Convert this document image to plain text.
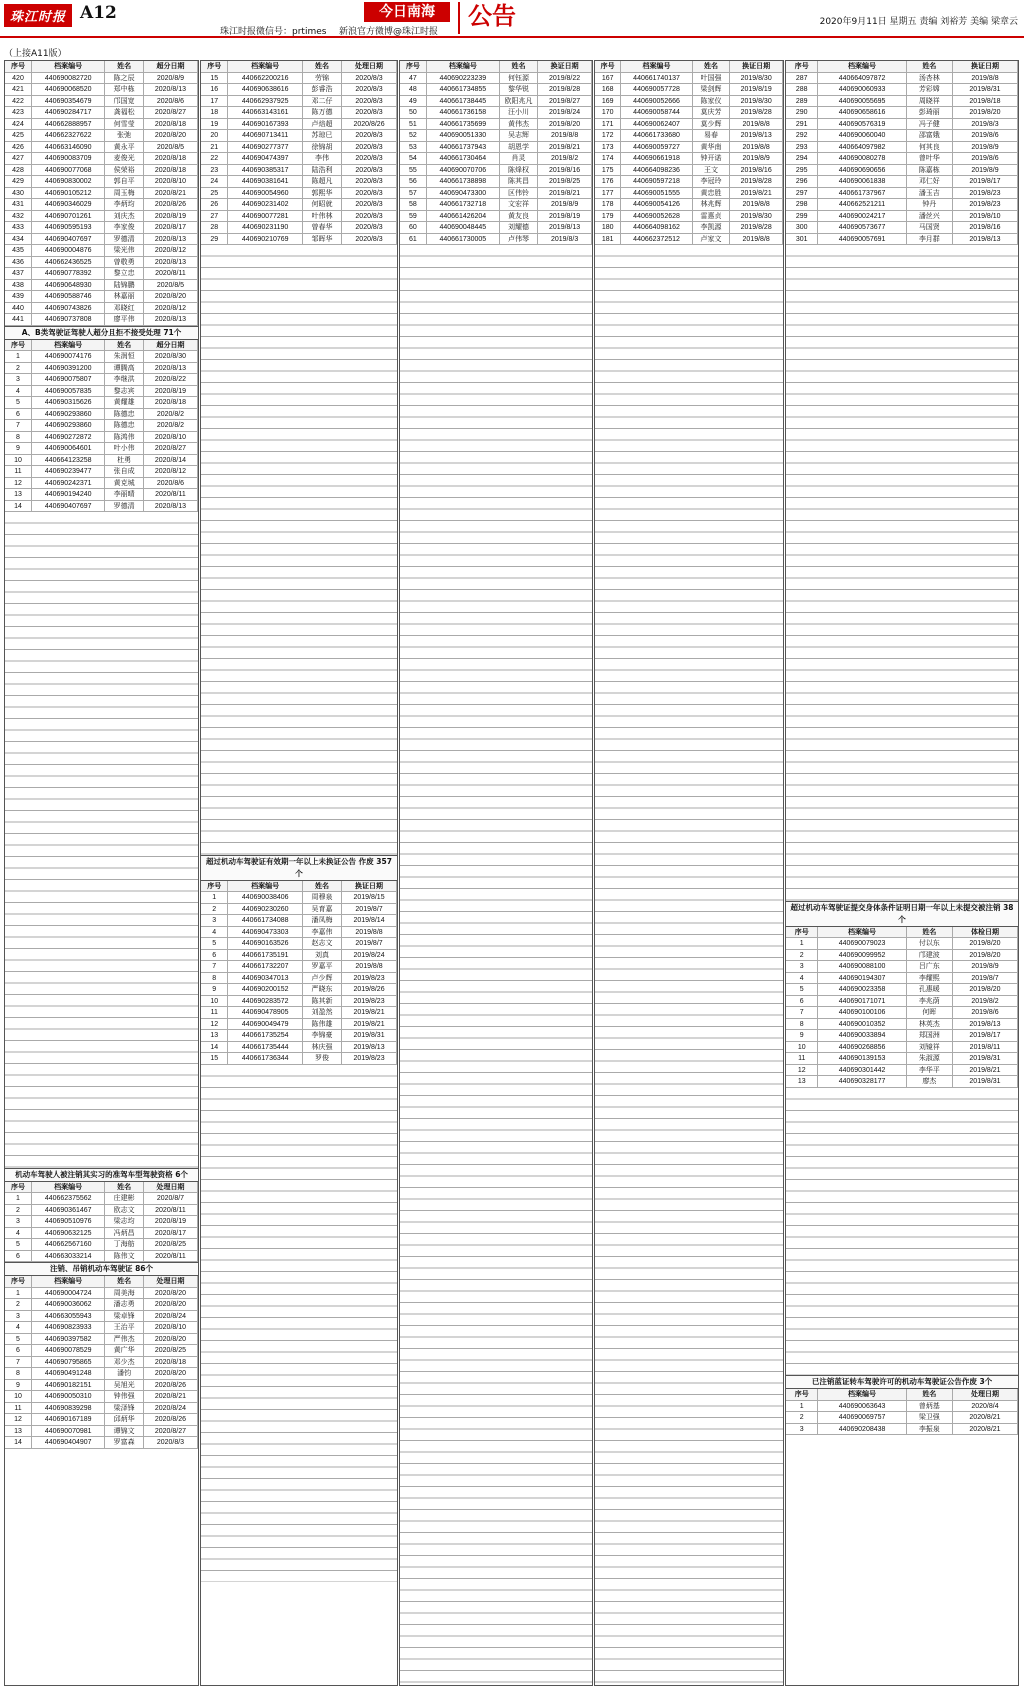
珠江时报 A12	今日南海	公告
珠江时报微信号：prtimes 新浪官方微博@珠江时报
2020年9月11日 星期五 责编 刘裕芳 美编 梁章云
（上接A11版）
序号	档案编号	姓名	超分日期
420	440690082720	陈之辰	2020/8/9
421	440690068520	郑中栋	2020/8/13
422	440690354679	邝国宽	2020/8/6
423	440690284717	龚福松	2020/8/27
424	440662888957	何雪莹	2020/8/18
425	440662327622	张弛	2020/8/20
426	440663146090	黄永平	2020/8/5
427	440690083709	麦俊光	2020/8/18
428	440690077068	侯荣裕	2020/8/18
429	440690830002	郭自平	2020/8/10
430	440690105212	周玉梅	2020/8/21
431	440690346029	李炳均	2020/8/26
432	440690701261	刘庆杰	2020/8/19
433	440690595193	李家俊	2020/8/17
434	440690407697	罗德清	2020/8/13
435	440690004876	梁光伟	2020/8/12
436	440662436525	曾敬勇	2020/8/13
437	440690778392	黎立忠	2020/8/11
438	440690648930	陆锦鹏	2020/8/5
439	440690588746	林嘉丽	2020/8/20
440	440690743826	邓晓红	2020/8/12
441	440690737808	廖平伟	2020/8/13
A、B类驾驶证驾驶人超分且拒不接受处理 71个
序号	档案编号	姓名	超分日期
1	440690074176	朱润恒	2020/8/30
2	440690391200	谭腾高	2020/8/13
3	440690075807	李继洪	2020/8/22
4	440690057835	黎志宾	2020/8/19
5	440690315626	黄耀雄	2020/8/18
6	440690293860	陈德忠	2020/8/2
7	440690293860	陈德忠	2020/8/2
8	440690272872	陈鸿伟	2020/8/10
9	440690064601	叶小伟	2020/8/27
10	440664123258	杜勇	2020/8/14
11	440690239477	张自成	2020/8/12
12	440690242371	黄克城	2020/8/6
13	440690194240	李丽晴	2020/8/11
14	440690407697	罗德清	2020/8/13
机动车驾驶人被注销其实习的准驾车型驾驶资格 6个
序号	档案编号	姓名	处理日期
1	440662375562	庄建彬	2020/8/7
2	440690361467	欧志文	2020/8/11
3	440690510976	梁志均	2020/8/19
4	440690632125	冯炳昌	2020/8/17
5	440662567160	丁海舫	2020/8/25
6	440663033214	陈伟文	2020/8/11
注销、吊销机动车驾驶证 86个
序号	档案编号	姓名	处理日期
1	440690004724	周美海	2020/8/20
2	440690036062	潘志勇	2020/8/20
3	440663055943	梁卓锋	2020/8/24
4	440690823933	王治平	2020/8/10
5	440690397582	严伟杰	2020/8/20
6	440690078529	黄广华	2020/8/25
7	440690795865	邓少杰	2020/8/18
8	440690491248	潘钧	2020/8/20
9	440690182151	吴旭光	2020/8/26
10	440690050310	钟伟强	2020/8/21
11	440690839298	梁泽锋	2020/8/24
12	440690167189	邱炳华	2020/8/26
13	440690070981	谭锦文	2020/8/27
14	440690404907	罗富森	2020/8/3
序号	档案编号	姓名	处理日期
15	440662200216	劳锦	2020/8/3
16	440690638616	彭睿浩	2020/8/3
17	440662937925	邓二仔	2020/8/3
18	440663143161	陈万德	2020/8/3
19	440690167393	卢焙超	2020/8/26
20	440690713411	苏琼巳	2020/8/3
21	440690277377	徐锦胡	2020/8/3
22	440690474397	李伟	2020/8/3
23	440690385317	陆浩利	2020/8/3
24	440690381641	陈超凡	2020/8/3
25	440690054960	郭熙华	2020/8/3
26	440690231402	何昭就	2020/8/3
27	440690077281	叶伟林	2020/8/3
28	440690231190	曾春华	2020/8/3
29	440690210769	邹晖华	2020/8/3
超过机动车驾驶证有效期一年以上未换证公告 作废 357个
序号	档案编号	姓名	换证日期
1	440690038406	周穆泉	2019/8/15
2	440690230260	吴育嘉	2019/8/7
3	440661734088	潘凤梅	2019/8/14
4	440690473303	李嘉伟	2019/8/8
5	440690163526	赵志文	2019/8/7
6	440661735191	刘真	2019/8/24
7	440661732207	罗嘉平	2019/8/8
8	440690347013	卢少辉	2019/8/23
9	440690200152	严晓东	2019/8/26
10	440690283572	陈其新	2019/8/23
11	440690478905	刘盈然	2019/8/21
12	440690049479	陈伟雄	2019/8/21
13	440661735254	李锦豪	2019/8/31
14	440661735444	林庆强	2019/8/13
15	440661736344	罗俊	2019/8/23
序号	档案编号	姓名	换证日期
47	440690223239	何钰源	2019/8/22
48	440661734855	黎华锐	2019/8/28
49	440661738445	欧阳兆凡	2019/8/27
50	440661736158	汪小川	2019/8/24
51	440661735699	黄伟杰	2019/8/20
52	440690051330	吴志辉	2019/8/8
53	440661737943	胡恩学	2019/8/21
54	440661730464	肖灵	2019/8/2
55	440690070706	陈烽权	2019/8/16
56	440661738898	陈其昌	2019/8/25
57	440690473300	区伟铃	2019/8/21
58	440661732718	文宏祥	2019/8/9
59	440661426204	黄友良	2019/8/19
60	440690048445	刘耀德	2019/8/13
61	440661730005	卢伟琴	2019/8/3
序号	档案编号	姓名	换证日期
167	440661740137	叶国强	2019/8/30
168	440690057728	梁剑辉	2019/8/19
169	440690052666	陈家仪	2019/8/30
170	440690058744	莫庆芳	2019/8/28
171	440690062407	莫少辉	2019/8/8
172	440661733680	易春	2019/8/13
173	440690059727	黄华南	2019/8/8
174	440690661918	钟开诺	2019/8/9
175	440664098236	王文	2019/8/16
176	440690597218	李冠玲	2019/8/28
177	440690051555	黄忠胜	2019/8/21
178	440690054126	林兆辉	2019/8/8
179	440690052628	雷惠贞	2019/8/30
180	440664098162	李凯源	2019/8/28
181	440662372512	卢家文	2019/8/8
序号	档案编号	姓名	换证日期
287	440664097872	汤杏林	2019/8/8
288	440690060933	芳彩嫦	2019/8/31
289	440690055695	周晓祥	2019/8/18
290	440690658616	彭琦丽	2019/8/20
291	440690576319	冯子健	2019/8/3
292	440690060040	邵富娥	2019/8/6
293	440664097982	何其良	2019/8/9
294	440690080278	曾叶华	2019/8/6
295	440690690656	陈嘉栋	2019/8/9
296	440690061838	邓仁好	2019/8/17
297	440661737967	潘玉吉	2019/8/23
298	440662521211	钟丹	2019/8/23
299	440690024217	潘丝兴	2019/8/10
300	440690573677	马国贤	2019/8/16
301	440690057691	李月群	2019/8/13
超过机动车驾驶证提交身体条件证明日期一年以上未提交被注销 38个
序号	档案编号	姓名	体检日期
1	440690079023	付以东	2019/8/20
2	440690099952	邝建波	2019/8/20
3	440690088100	吕广东	2019/8/9
4	440690194307	李耀熙	2019/8/7
5	440690023358	孔惠暖	2019/8/20
6	440690171071	李兆荫	2019/8/2
7	440690100106	何晖	2019/8/6
8	440690010352	林英杰	2019/8/13
9	440690033894	郑国洲	2019/8/17
10	440690268856	刘镜祥	2019/8/11
11	440690139153	朱淑源	2019/8/31
12	440690301442	李华平	2019/8/21
13	440690328177	廖杰	2019/8/31
已注销蓝证转车驾驶许可的机动车驾驶证公告作废 3个
序号	档案编号	姓名	处理日期
1	440690063643	曾炳基	2020/8/4
2	440690069757	梁卫强	2020/8/21
3	440690208438	李振泉	2020/8/21
